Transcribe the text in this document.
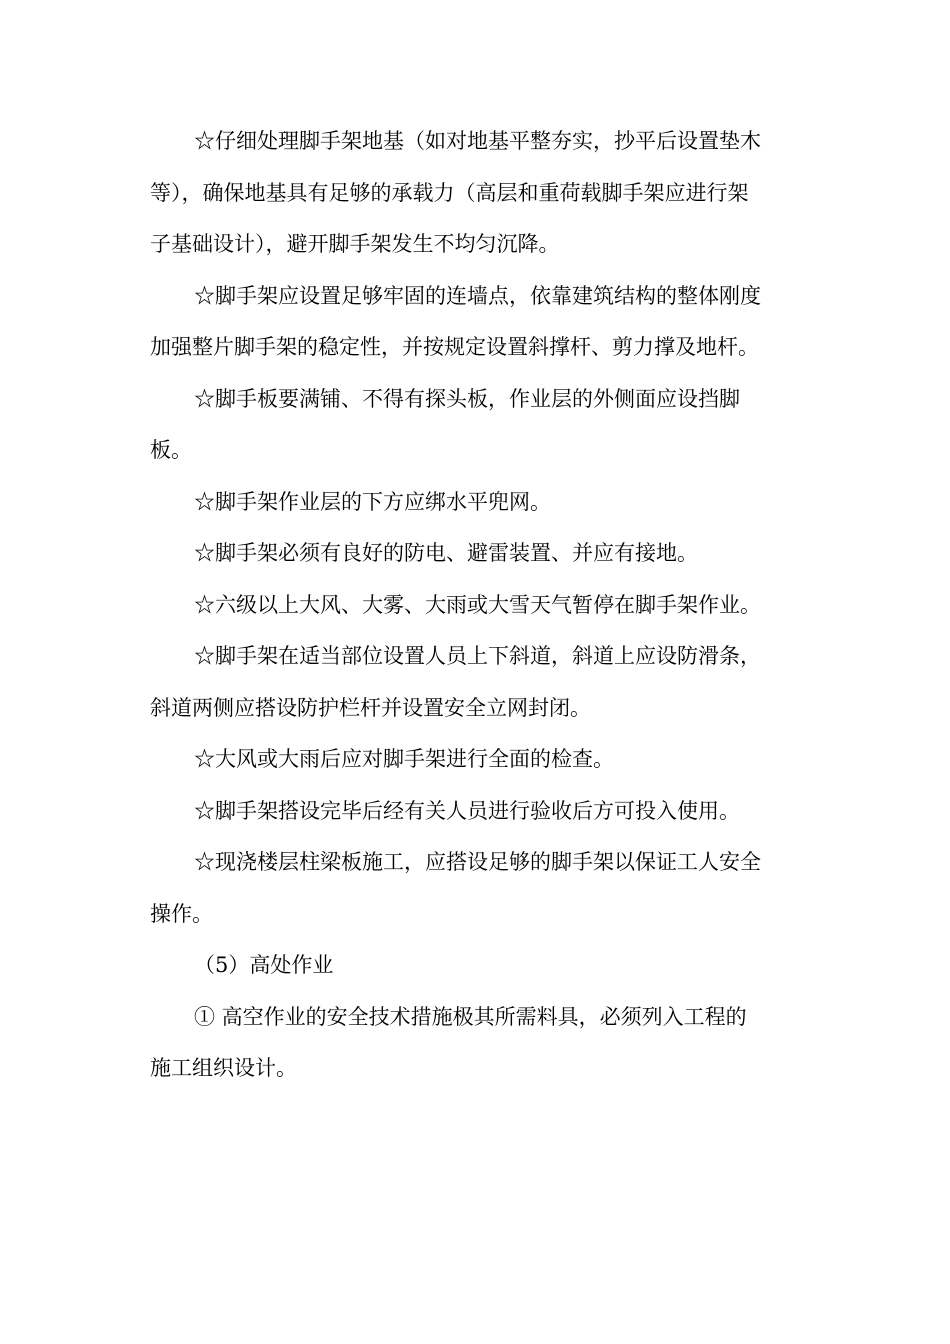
☆仔细处理脚手架地基（如对地基平整夯实，抄平后设置垫木
等），确保地基具有足够的承载力（高层和重荷载脚手架应进行架
子基础设计），避开脚手架发生不均匀沉降。

☆脚手架应设置足够牢固的连墙点，依靠建筑结构的整体刚度
加强整片脚手架的稳定性，并按规定设置斜撑杆、剪力撑及地杆。

☆脚手板要满铺、不得有探头板，作业层的外侧面应设挡脚
板。

☆脚手架作业层的下方应绑水平兜网。

☆脚手架必须有良好的防电、避雷装置、并应有接地。

☆六级以上大风、大雾、大雨或大雪天气暂停在脚手架作业。

☆脚手架在适当部位设置人员上下斜道，斜道上应设防滑条，
斜道两侧应搭设防护栏杆并设置安全立网封闭。

☆大风或大雨后应对脚手架进行全面的检查。

☆脚手架搭设完毕后经有关人员进行验收后方可投入使用。

☆现浇楼层柱梁板施工，应搭设足够的脚手架以保证工人安全
操作。

（5）高处作业

① 高空作业的安全技术措施极其所需料具，必须列入工程的
施工组织设计。
